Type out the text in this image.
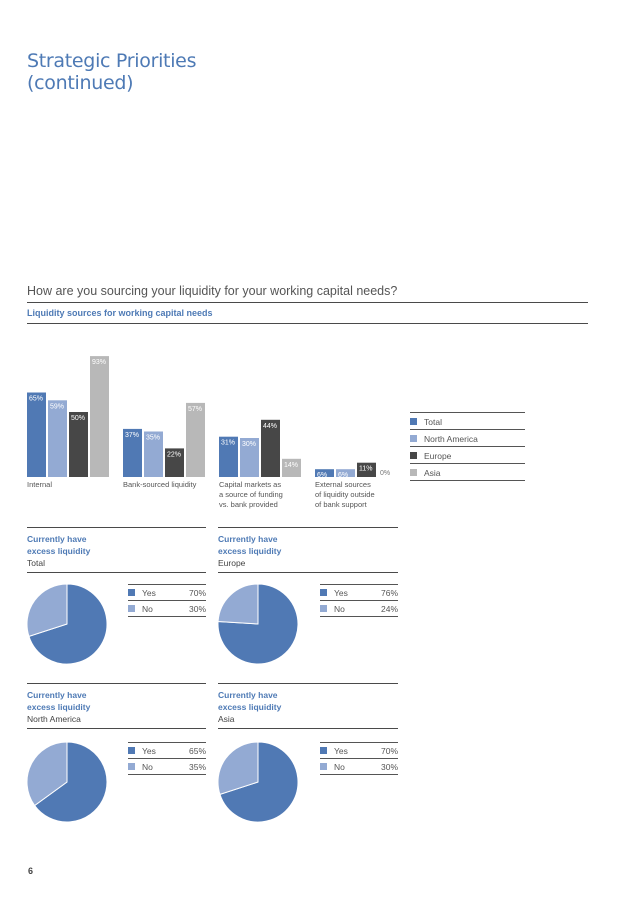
Strategic Priorities
(continued)
How are you sourcing your liquidity for your working capital needs?
Liquidity sources for working capital needs
65%
59%
50%
93%
Internal
37% 35%
22%
57%
Bank-sourced liquidity
31% 30%
44%
14%
Capital markets as
a source of funding
vs. bank provided
6% 6%
11%
0%
External sources
of liquidity outside
of bank support
Total
North America
Europe
Asia
Currently have
excess liquidity
Total
Yes	70%
No	30%
Currently have
excess liquidity
Europe
Yes	76%
No	24%
Currently have
excess liquidity
North America
Yes	65%
No	35%
Currently have
excess liquidity
Asia
Yes	70%
No	30%
6
